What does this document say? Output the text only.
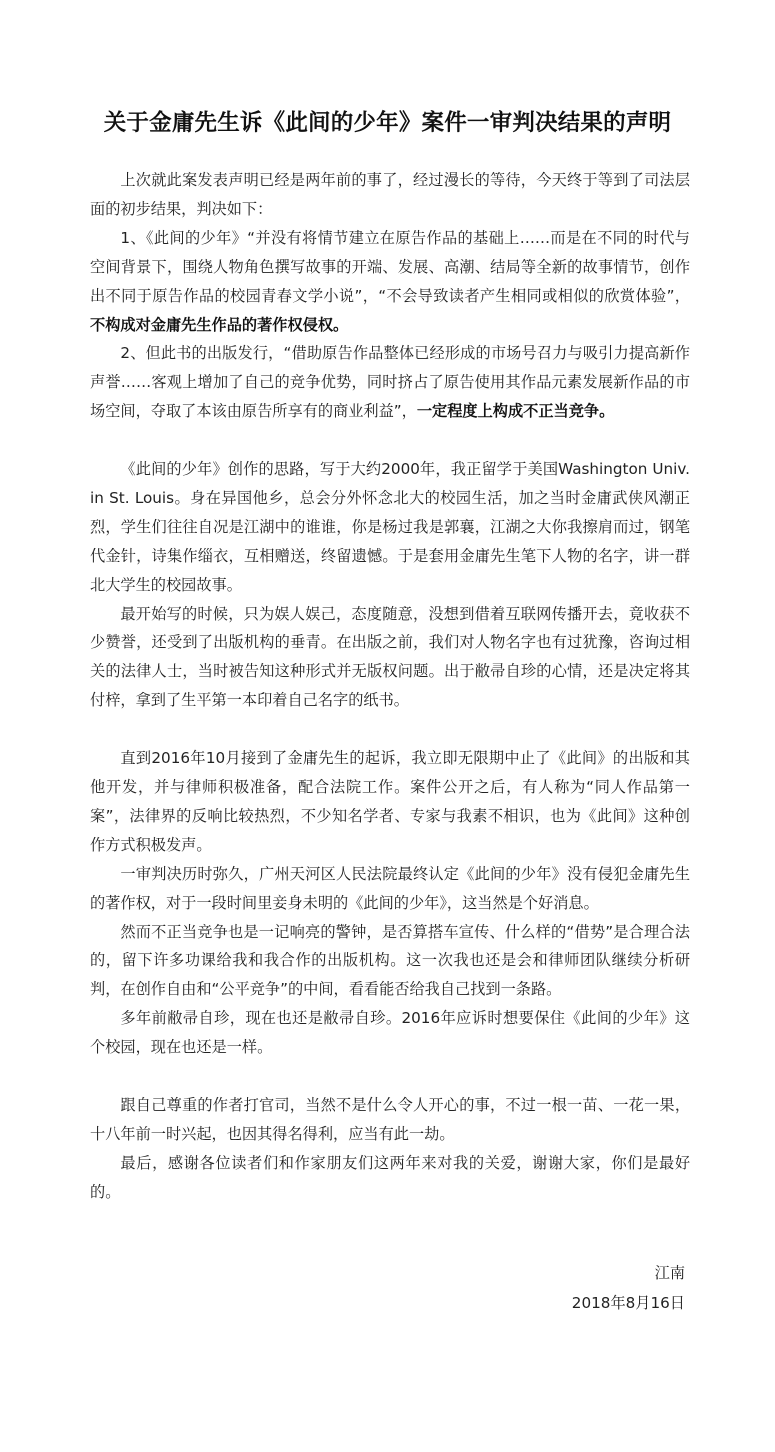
关于金庸先生诉《此间的少年》案件一审判决结果的声明

上次就此案发表声明已经是两年前的事了，经过漫长的等待，今天终于等到了司法层面的初步结果，判决如下：

1、《此间的少年》“并没有将情节建立在原告作品的基础上……而是在不同的时代与空间背景下，围绕人物角色撰写故事的开端、发展、高潮、结局等全新的故事情节，创作出不同于原告作品的校园青春文学小说”，“不会导致读者产生相同或相似的欣赏体验”，不构成对金庸先生作品的著作权侵权。

2、但此书的出版发行，“借助原告作品整体已经形成的市场号召力与吸引力提高新作声誉……客观上增加了自己的竞争优势，同时挤占了原告使用其作品元素发展新作品的市场空间，夺取了本该由原告所享有的商业利益”，一定程度上构成不正当竞争。

《此间的少年》创作的思路，写于大约2000年，我正留学于美国Washington Univ. in St. Louis。身在异国他乡，总会分外怀念北大的校园生活，加之当时金庸武侠风潮正烈，学生们往往自况是江湖中的谁谁，你是杨过我是郭襄，江湖之大你我擦肩而过，钢笔代金针，诗集作缁衣，互相赠送，终留遗憾。于是套用金庸先生笔下人物的名字，讲一群北大学生的校园故事。

最开始写的时候，只为娱人娱己，态度随意，没想到借着互联网传播开去，竟收获不少赞誉，还受到了出版机构的垂青。在出版之前，我们对人物名字也有过犹豫，咨询过相关的法律人士，当时被告知这种形式并无版权问题。出于敝帚自珍的心情，还是决定将其付梓，拿到了生平第一本印着自己名字的纸书。

直到2016年10月接到了金庸先生的起诉，我立即无限期中止了《此间》的出版和其他开发，并与律师积极准备，配合法院工作。案件公开之后，有人称为“同人作品第一案”，法律界的反响比较热烈，不少知名学者、专家与我素不相识，也为《此间》这种创作方式积极发声。

一审判决历时弥久，广州天河区人民法院最终认定《此间的少年》没有侵犯金庸先生的著作权，对于一段时间里妾身未明的《此间的少年》，这当然是个好消息。

然而不正当竞争也是一记响亮的警钟，是否算搭车宣传、什么样的“借势”是合理合法的，留下许多功课给我和我合作的出版机构。这一次我也还是会和律师团队继续分析研判，在创作自由和“公平竞争”的中间，看看能否给我自己找到一条路。

多年前敝帚自珍，现在也还是敝帚自珍。2016年应诉时想要保住《此间的少年》这个校园，现在也还是一样。

跟自己尊重的作者打官司，当然不是什么令人开心的事，不过一根一苗、一花一果，十八年前一时兴起，也因其得名得利，应当有此一劫。

最后，感谢各位读者们和作家朋友们这两年来对我的关爱，谢谢大家，你们是最好的。

江南
2018年8月16日
